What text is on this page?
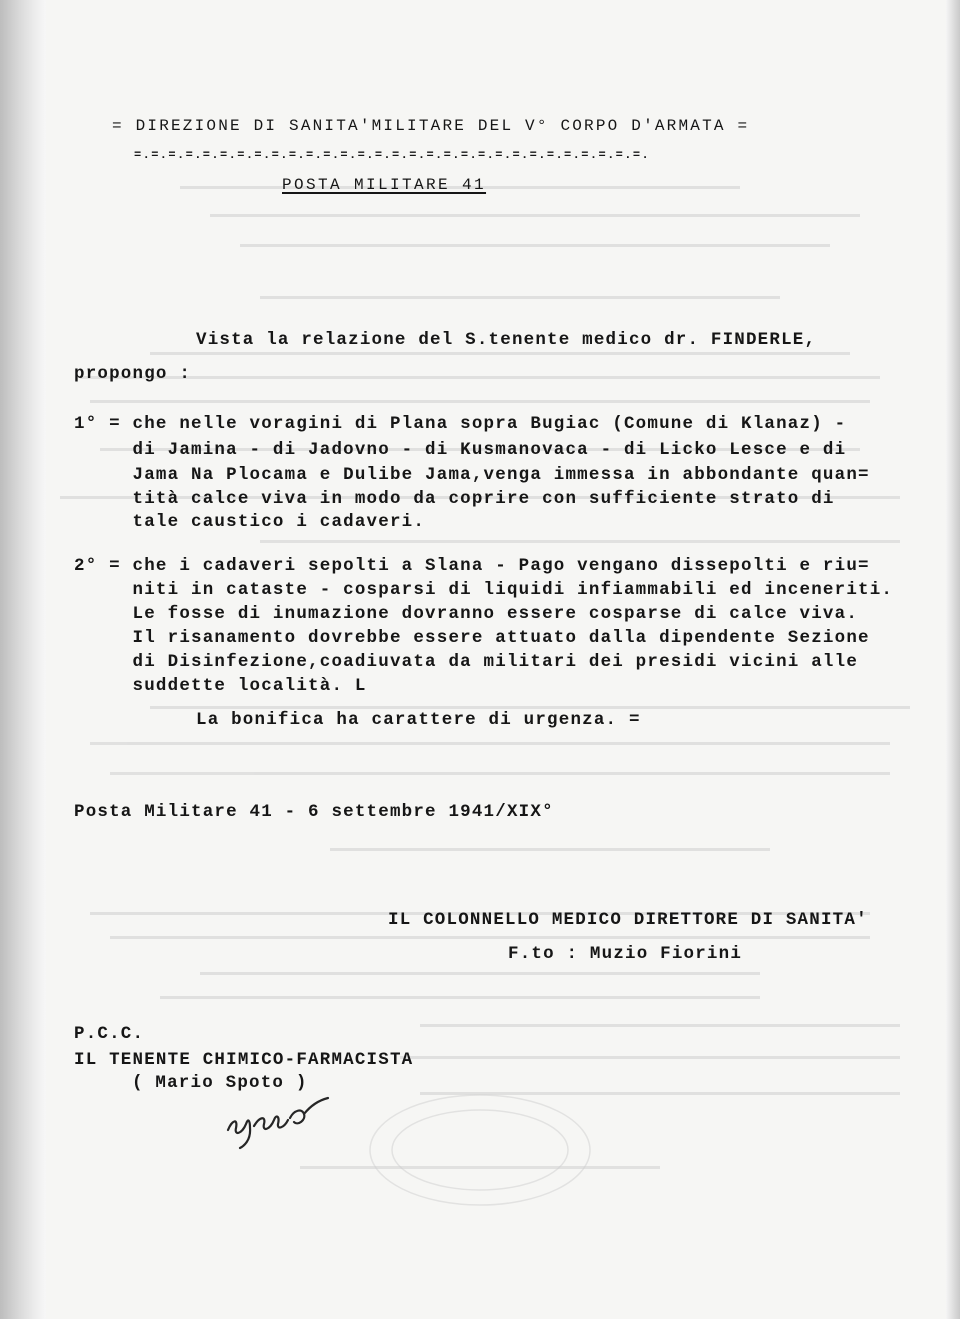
= DIREZIONE DI SANITA'MILITARE DEL V° CORPO D'ARMATA =
=.=.=.=.=.=.=.=.=.=.=.=.=.=.=.=.=.=.=.=.=.=.=.=.=.=.=.=.=.=.
POSTA MILITARE 41
Vista la relazione del S.tenente medico dr. FINDERLE,
propongo :
1° = che nelle voragini di Plana sopra Bugiac (Comune di Klanaz) -
di Jamina - di Jadovno - di Kusmanovaca - di Licko Lesce e di
Jama Na Plocama e Dulibe Jama,venga immessa in abbondante quan=
tità calce viva in modo da coprire con sufficiente strato di
tale caustico i cadaveri.
2° = che i cadaveri sepolti a Slana - Pago vengano dissepolti e riu=
niti in cataste - cosparsi di liquidi infiammabili ed inceneriti.
Le fosse di inumazione dovranno essere cosparse di calce viva.
Il risanamento dovrebbe essere attuato dalla dipendente Sezione
di Disinfezione,coadiuvata da militari dei presidi vicini alle
suddette località. L
La bonifica ha carattere di urgenza. =
Posta Militare 41 - 6 settembre 1941/XIX°
IL COLONNELLO MEDICO DIRETTORE DI SANITA'
F.to : Muzio Fiorini
P.C.C.
IL TENENTE CHIMICO-FARMACISTA
( Mario Spoto )
